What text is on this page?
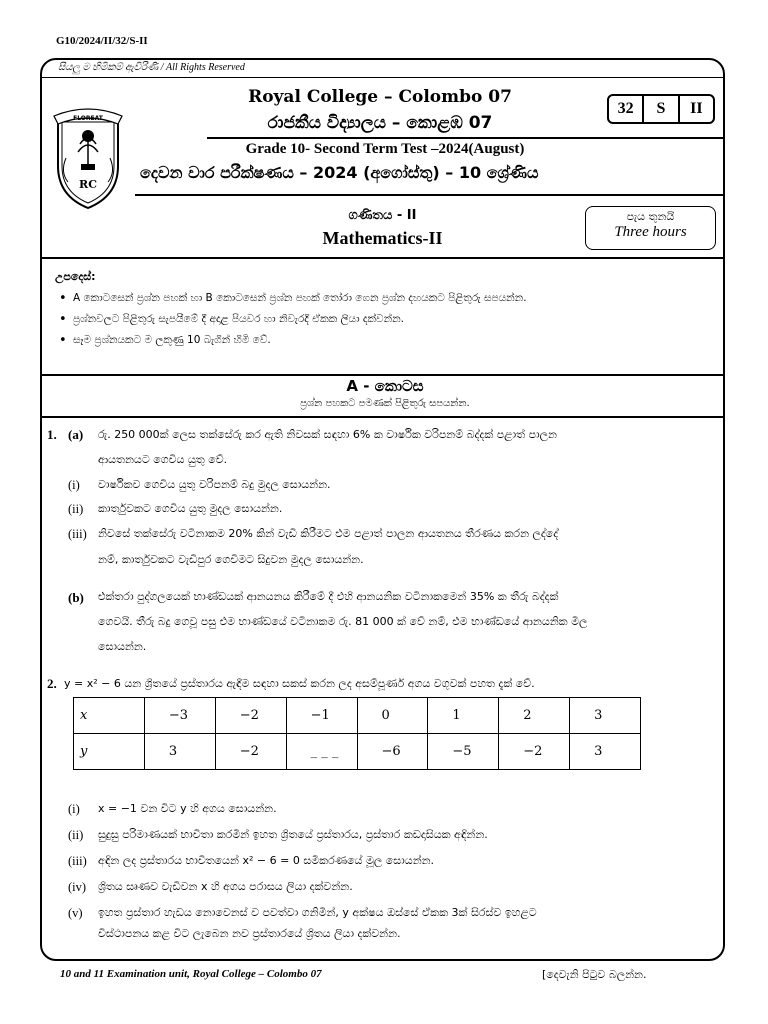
G10/2024/II/32/S-II
සියලු ම හිමිකම් ඇවිරිණි / All Rights Reserved
FLOREAT
RC
Royal College – Colombo 07
රාජකීය විද්‍යාලය – කොළඹ 07
32	S	II
Grade 10- Second Term Test –2024(August)
දෙවන වාර පරීක්ෂණය – 2024 (අගෝස්තු) – 10 ශ්‍රේණිය
ගණිතය - II
Mathematics-II
පැය තුනයි
Three hours
උපදෙස්:
• A කොටසෙන් ප්‍රශ්න පහක් හා B කොටසෙන් ප්‍රශ්න පහක් තෝරා ගෙන ප්‍රශ්න දහයකට පිළිතුරු සපයන්න.
• ප්‍රශ්නවලට පිළිතුරු සැපයීමේ දී අදාළ පියවර හා නිවැරදි ඒකක ලියා දක්වන්න.
• සෑම ප්‍රශ්නයකට ම ලකුණු 10 බැගින් හිමි වේ.
A - කොටස
ප්‍රශ්න පහකට පමණක් පිළිතුරු සපයන්න.
1. (a) රු. 250 000ක් ලෙස තක්සේරු කර ඇති නිවසක් සඳහා 6% ක වාර්ෂික වරිපනම් බද්දක් පළාත් පාලන
ආයතනයට ගෙවිය යුතු වේ.
(i) වාර්ෂිකව ගෙවිය යුතු වරිපනම් බදු මුදල සොයන්න.
(ii) කාර්තුවකට ගෙවිය යුතු මුදල සොයන්න.
(iii) නිවසේ තක්සේරු වටිනාකම 20% කින් වැඩි කිරීමට එම පළාත් පාලන ආයතනය තීරණය කරන ලද්දේ
නම්, කාර්තුවකට වැඩිපුර ගෙවීමට සිදුවන මුදල සොයන්න.
(b) එක්තරා පුද්ගලයෙක් භාණ්ඩයක් ආනයනය කිරීමේ දී එහි ආනයනික වටිනාකමෙන් 35% ක තීරු බද්දක්
ගෙවයි. තීරු බදු ගෙවූ පසු එම භාණ්ඩයේ වටිනාකම රු. 81 000 ක් වේ නම්, එම භාණ්ඩයේ ආනයනික මිල
සොයන්න.
2. y = x² − 6 යන ශ්‍රිතයේ ප්‍රස්තාරය ඇඳීම සඳහා සකස් කරන ලද අසම්පූර්ණ අගය වගුවක් පහත දැක් වේ.
x	−3	−2	−1	0	1	2	3
y	3	−2	_ _ _	−6	−5	−2	3
(i) x = −1 වන විට y හි අගය සොයන්න.
(ii) සුදුසු පරිමාණයක් භාවිතා කරමින් ඉහත ශ්‍රිතයේ ප්‍රස්තාරය, ප්‍රස්තාර කඩදාසියක අඳින්න.
(iii) අඳින ලද ප්‍රස්තාරය භාවිතයෙන් x² − 6 = 0 සමීකරණයේ මූල සොයන්න.
(iv) ශ්‍රිතය සෘණව වැඩිවන x හි අගය පරාසය ලියා දක්වන්න.
(v) ඉහත ප්‍රස්තාර හැඩය නොවෙනස් ව පවත්වා ගනිමින්, y අක්ෂය ඔස්සේ ඒකක 3ක් සිරස්ව ඉහළට
විස්ථාපනය කළ විට ලැබෙන නව ප්‍රස්තාරයේ ශ්‍රිතය ලියා දක්වන්න.
10 and 11 Examination unit, Royal College – Colombo 07	[දෙවැනි පිටුව බලන්න.
